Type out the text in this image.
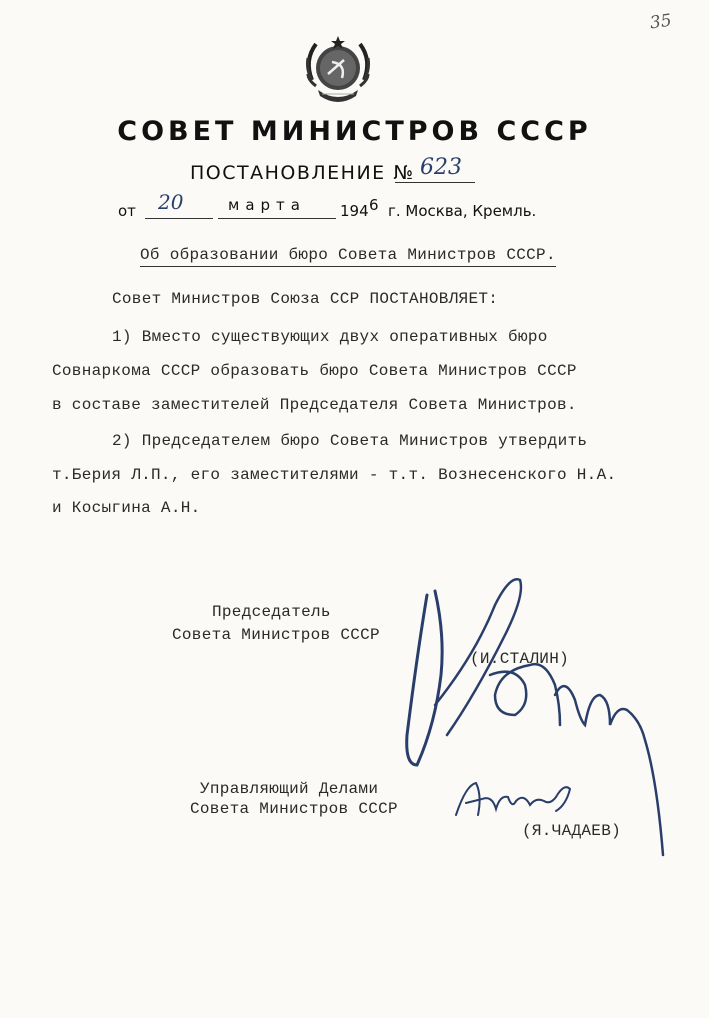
35
СОВЕТ МИНИСТРОВ СССР
ПОСТАНОВЛЕНИЕ № 623
от 20	марта 194 6 г. Москва, Кремль.
Об образовании бюро Совета Министров СССР.
Совет Министров Союза ССР ПОСТАНОВЛЯЕТ:
1) Вместо существующих двух оперативных бюро
Совнаркома СССР образовать бюро Совета Министров СССР
в составе заместителей Председателя Совета Министров.
2) Председателем бюро Совета Министров утвердить
т.Берия Л.П., его заместителями - т.т. Вознесенского Н.А.
и Косыгина А.Н.
Председатель
Совета Министров СССР
(И.СТАЛИН)
Управляющий Делами
Совета Министров СССР
(Я.ЧАДАЕВ)
